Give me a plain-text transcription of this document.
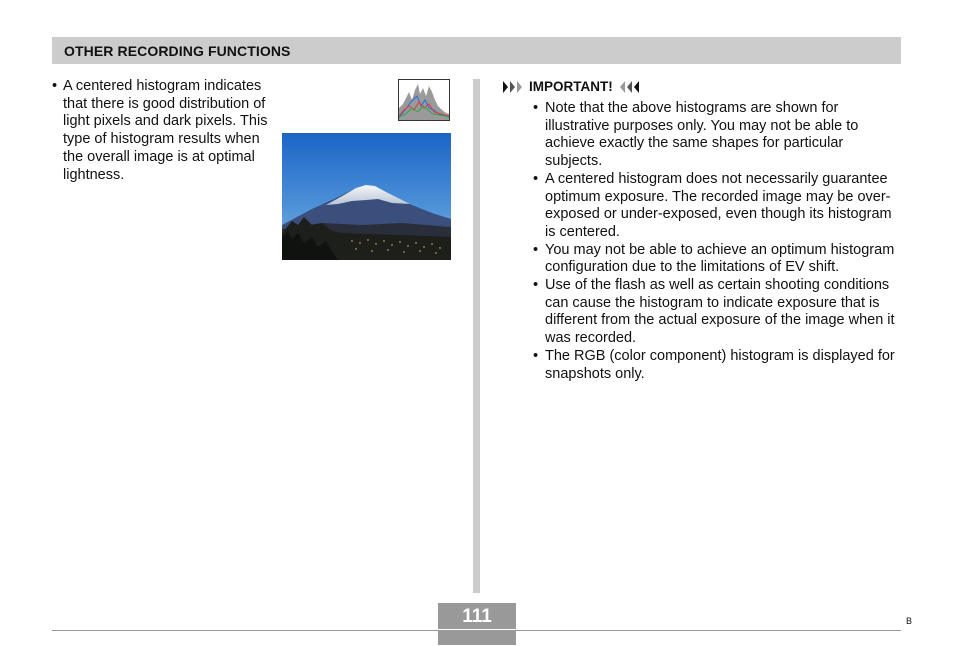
OTHER RECORDING FUNCTIONS
• A centered histogram indicates that there is good distribution of light pixels and dark pixels. This type of histogram results when the overall image is at optimal lightness.
IMPORTANT!
• Note that the above histograms are shown for illustrative purposes only. You may not be able to achieve exactly the same shapes for particular subjects.
• A centered histogram does not necessarily guarantee optimum exposure. The recorded image may be over-exposed or under-exposed, even though its histogram is centered.
• You may not be able to achieve an optimum histogram configuration due to the limitations of EV shift.
• Use of the flash as well as certain shooting conditions can cause the histogram to indicate exposure that is different from the actual exposure of the image when it was recorded.
• The RGB (color component) histogram is displayed for snapshots only.
111	B
